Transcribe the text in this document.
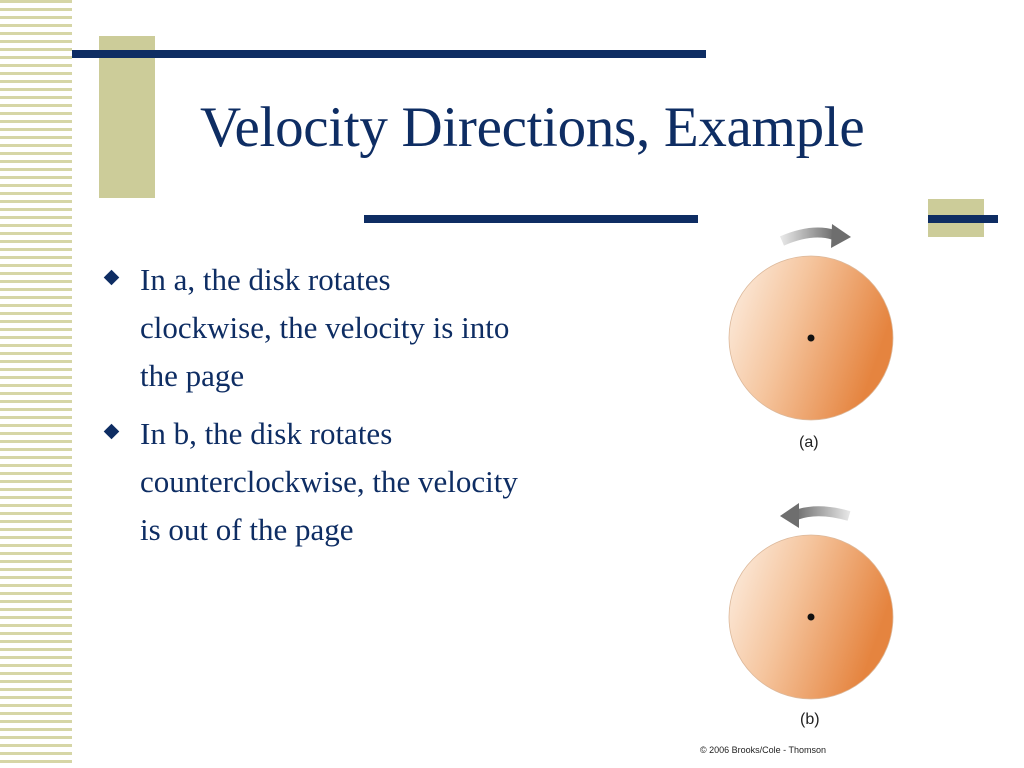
Velocity Directions, Example
In a, the disk rotates clockwise, the velocity is into the page
In b, the disk rotates counterclockwise, the velocity is out of the page
(a)
(b)
© 2006 Brooks/Cole - Thomson
